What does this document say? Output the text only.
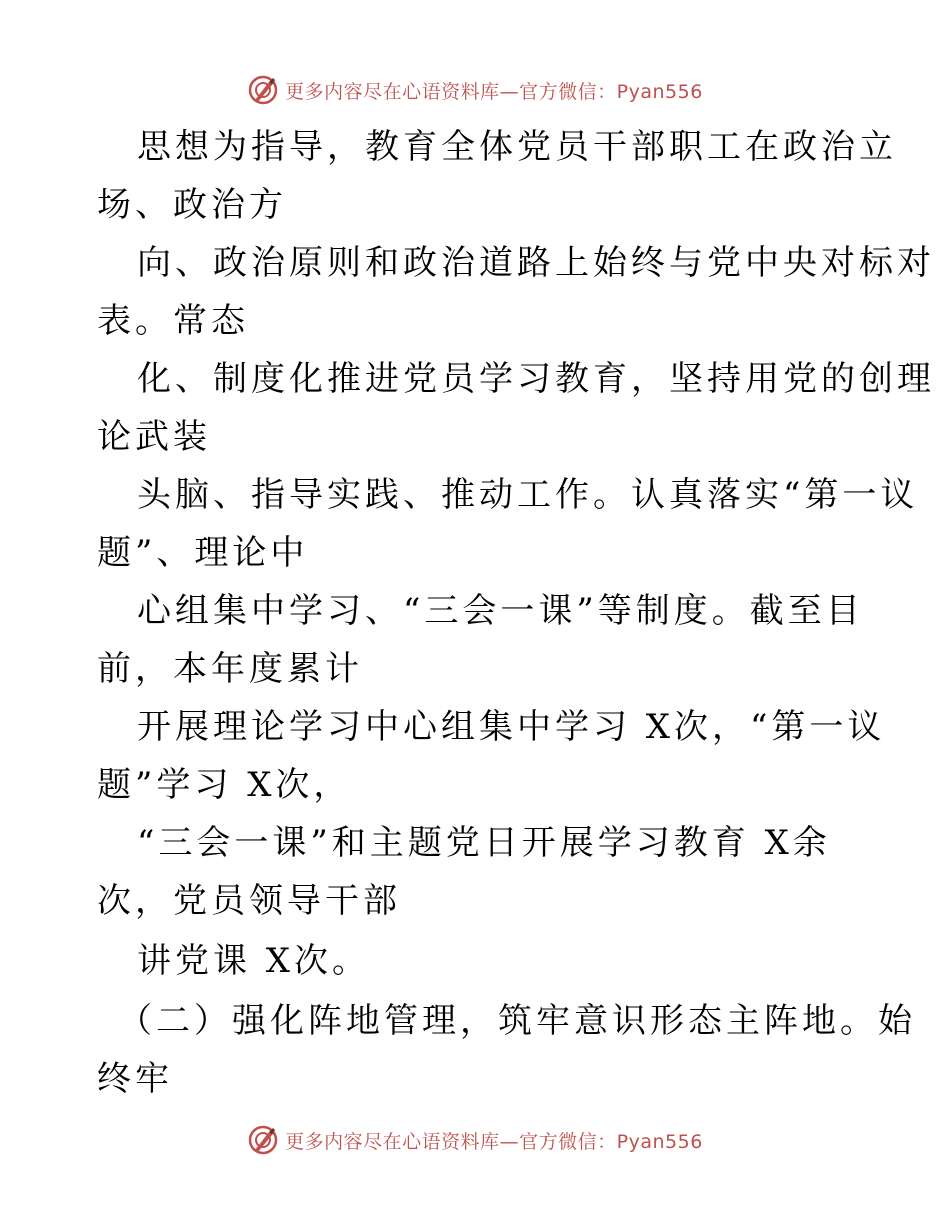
更多内容尽在心语资料库—官方微信：Pyan556
思想为指导，教育全体党员干部职工在政治立
场、政治方
向、政治原则和政治道路上始终与党中央对标对
表。常态
化、制度化推进党员学习教育，坚持用党的创理
论武装
头脑、指导实践、推动工作。认真落实“第一议
题”、理论中
心组集中学习、“三会一课”等制度。截至目
前，本年度累计
开展理论学习中心组集中学习 X次，“第一议
题”学习 X次，
“三会一课”和主题党日开展学习教育 X余
次，党员领导干部
讲党课 X次。
（二）强化阵地管理，筑牢意识形态主阵地。始
终牢
更多内容尽在心语资料库—官方微信：Pyan556
